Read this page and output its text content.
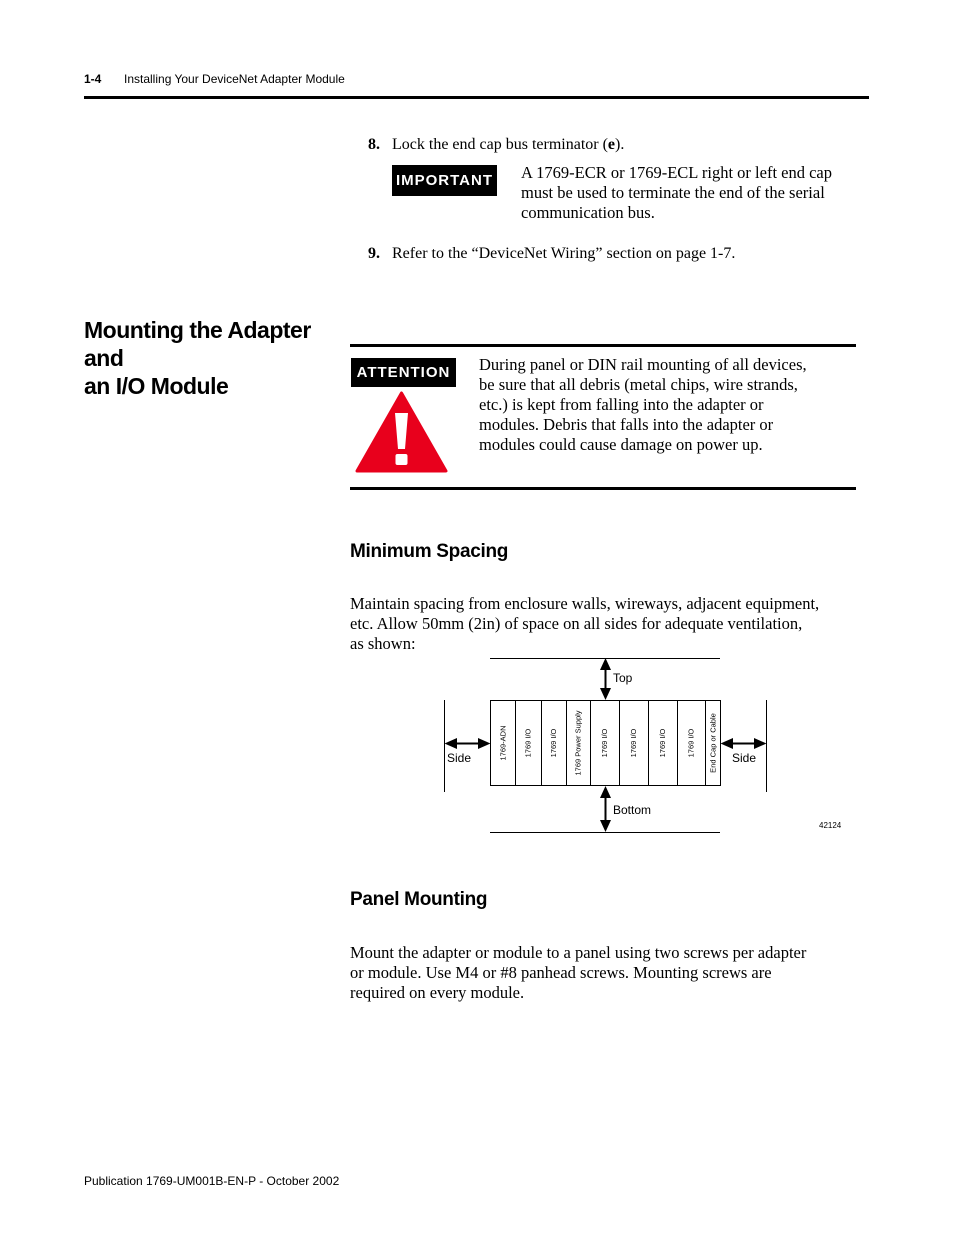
1-4 Installing Your DeviceNet Adapter Module
8. Lock the end cap bus terminator (e).
IMPORTANT A 1769-ECR or 1769-ECL right or left end cap
must be used to terminate the end of the serial
communication bus.
9. Refer to the “DeviceNet Wiring” section on page 1-7.
Mounting the Adapter and
an I/O Module
ATTENTION	During panel or DIN rail mounting of all devices,
be sure that all debris (metal chips, wire strands,
etc.) is kept from falling into the adapter or
modules. Debris that falls into the adapter or
modules could cause damage on power up.
Minimum Spacing
Maintain spacing from enclosure walls, wireways, adjacent equipment,
etc. Allow 50mm (2in) of space on all sides for adequate ventilation,
as shown:
1769-ADN 1769 I/O 1769 I/O 1769 Power Supply 1769 I/O	1769 I/O	1769 I/O	1769 I/O End Cap or Cable
Top
Bottom
Side	Side
42124
Panel Mounting
Mount the adapter or module to a panel using two screws per adapter
or module. Use M4 or #8 panhead screws. Mounting screws are
required on every module.
Publication 1769-UM001B-EN-P - October 2002
